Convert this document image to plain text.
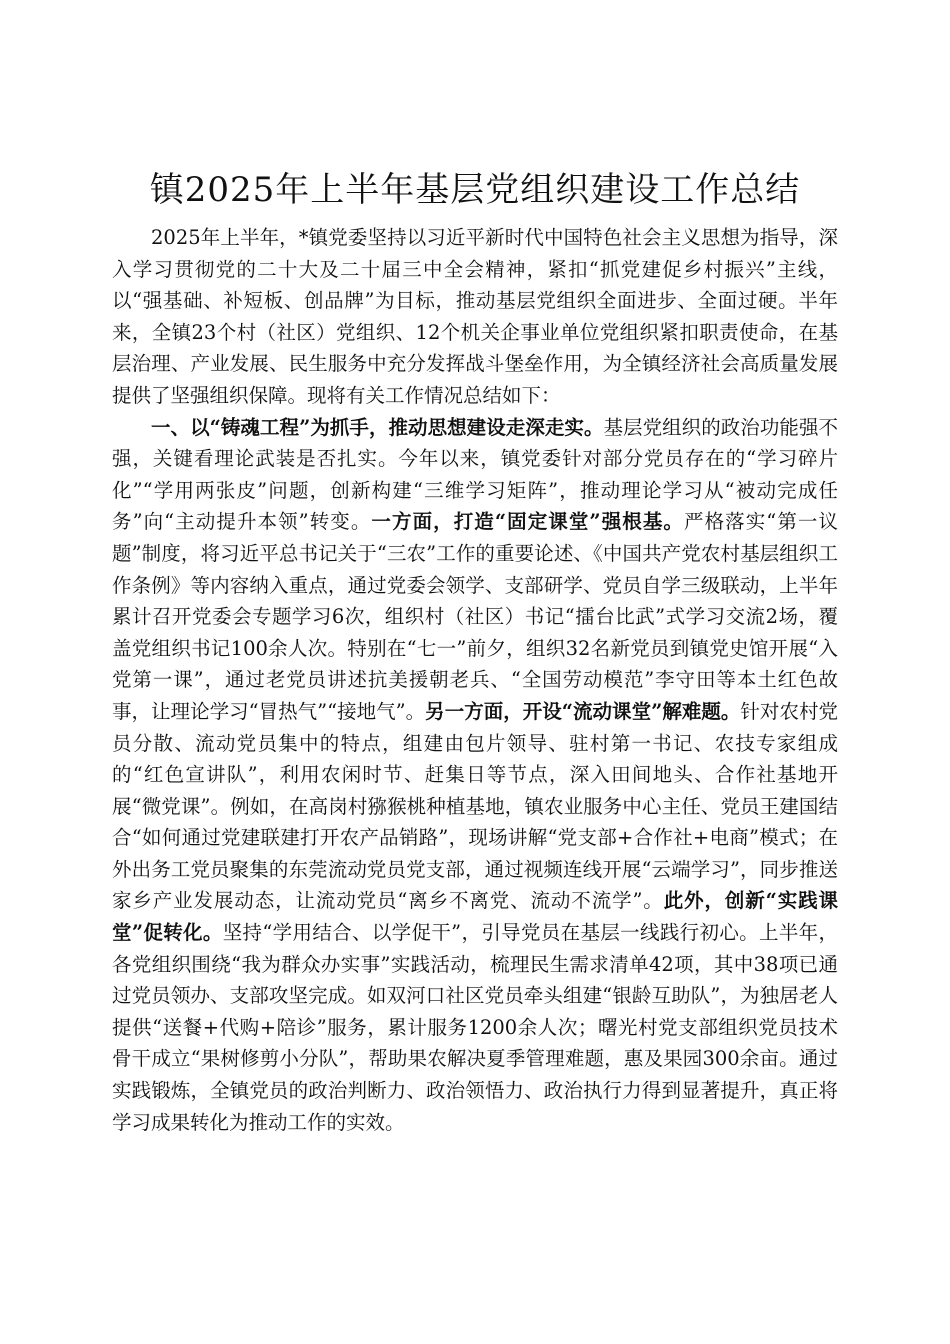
镇2025年上半年基层党组织建设工作总结

2025年上半年，*镇党委坚持以习近平新时代中国特色社会主义思想为指导，深入学习贯彻党的二十大及二十届三中全会精神，紧扣“抓党建促乡村振兴”主线，以“强基础、补短板、创品牌”为目标，推动基层党组织全面进步、全面过硬。半年来，全镇23个村（社区）党组织、12个机关企事业单位党组织紧扣职责使命，在基层治理、产业发展、民生服务中充分发挥战斗堡垒作用，为全镇经济社会高质量发展提供了坚强组织保障。现将有关工作情况总结如下：

一、以“铸魂工程”为抓手，推动思想建设走深走实。基层党组织的政治功能强不强，关键看理论武装是否扎实。今年以来，镇党委针对部分党员存在的“学习碎片化”“学用两张皮”问题，创新构建“三维学习矩阵”，推动理论学习从“被动完成任务”向“主动提升本领”转变。一方面，打造“固定课堂”强根基。严格落实“第一议题”制度，将习近平总书记关于“三农”工作的重要论述、《中国共产党农村基层组织工作条例》等内容纳入重点，通过党委会领学、支部研学、党员自学三级联动，上半年累计召开党委会专题学习6次，组织村（社区）书记“擂台比武”式学习交流2场，覆盖党组织书记100余人次。特别在“七一”前夕，组织32名新党员到镇党史馆开展“入党第一课”，通过老党员讲述抗美援朝老兵、“全国劳动模范”李守田等本土红色故事，让理论学习“冒热气”“接地气”。另一方面，开设“流动课堂”解难题。针对农村党员分散、流动党员集中的特点，组建由包片领导、驻村第一书记、农技专家组成的“红色宣讲队”，利用农闲时节、赶集日等节点，深入田间地头、合作社基地开展“微党课”。例如，在高岗村猕猴桃种植基地，镇农业服务中心主任、党员王建国结合“如何通过党建联建打开农产品销路”，现场讲解“党支部+合作社+电商”模式；在外出务工党员聚集的东莞流动党员党支部，通过视频连线开展“云端学习”，同步推送家乡产业发展动态，让流动党员“离乡不离党、流动不流学”。此外，创新“实践课堂”促转化。坚持“学用结合、以学促干”，引导党员在基层一线践行初心。上半年，各党组织围绕“我为群众办实事”实践活动，梳理民生需求清单42项，其中38项已通过党员领办、支部攻坚完成。如双河口社区党员牵头组建“银龄互助队”，为独居老人提供“送餐+代购+陪诊”服务，累计服务1200余人次；曙光村党支部组织党员技术骨干成立“果树修剪小分队”，帮助果农解决夏季管理难题，惠及果园300余亩。通过实践锻炼，全镇党员的政治判断力、政治领悟力、政治执行力得到显著提升，真正将学习成果转化为推动工作的实效。
